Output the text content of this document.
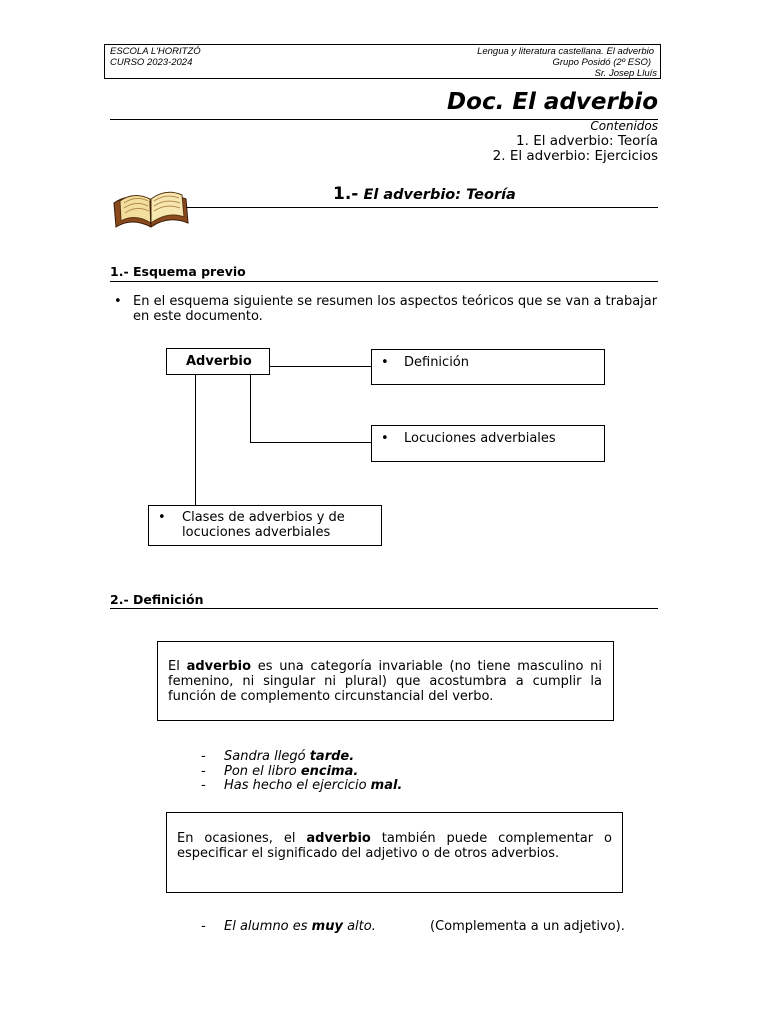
ESCOLA L'HORITZÓ
CURSO 2023-2024
Lengua y literatura castellana. El adverbio
Grupo Posidó (2º ESO)
Sr. Josep Lluís
Doc. El adverbio
Contenidos
1. El adverbio: Teoría
2. El adverbio: Ejercicios
1.- El adverbio: Teoría
1.- Esquema previo
• En el esquema siguiente se resumen los aspectos teóricos que se van a trabajar en este documento.
Adverbio	• Definición
• Locuciones adverbiales
• Clases de adverbios y de locuciones adverbiales
2.- Definición
El adverbio es una categoría invariable (no tiene masculino ni femenino, ni singular ni plural) que acostumbra a cumplir la función de complemento circunstancial del verbo.
- Sandra llegó tarde.
- Pon el libro encima.
- Has hecho el ejercicio mal.
En ocasiones, el adverbio también puede complementar o especificar el significado del adjetivo o de otros adverbios.
- El alumno es muy alto.	(Complementa a un adjetivo).
